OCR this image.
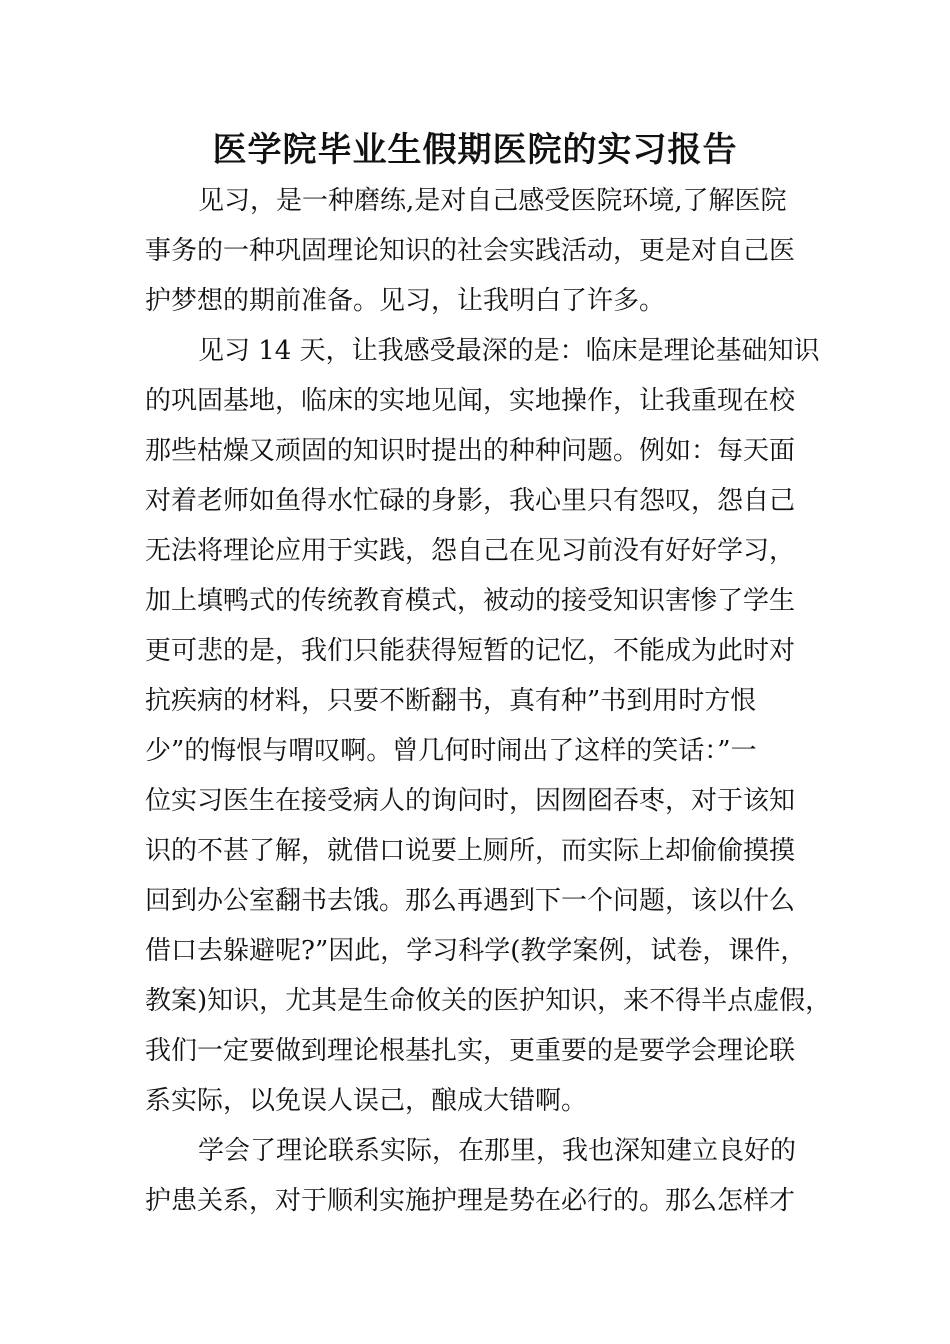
医学院毕业生假期医院的实习报告

见习，是一种磨练,是对自己感受医院环境,了解医院

事务的一种巩固理论知识的社会实践活动，更是对自己医

护梦想的期前准备。见习，让我明白了许多。

见习 14 天，让我感受最深的是：临床是理论基础知识

的巩固基地，临床的实地见闻，实地操作，让我重现在校

那些枯燥又顽固的知识时提出的种种问题。例如：每天面

对着老师如鱼得水忙碌的身影，我心里只有怨叹，怨自己

无法将理论应用于实践，怨自己在见习前没有好好学习，

加上填鸭式的传统教育模式，被动的接受知识害惨了学生

更可悲的是，我们只能获得短暂的记忆，不能成为此时对

抗疾病的材料，只要不断翻书，真有种”书到用时方恨

少”的悔恨与喟叹啊。曾几何时闹出了这样的笑话：”一

位实习医生在接受病人的询问时，因囫囵吞枣，对于该知

识的不甚了解，就借口说要上厕所，而实际上却偷偷摸摸

回到办公室翻书去饿。那么再遇到下一个问题，该以什么

借口去躲避呢?”因此，学习科学(教学案例，试卷，课件，

教案)知识，尤其是生命攸关的医护知识，来不得半点虚假，

我们一定要做到理论根基扎实，更重要的是要学会理论联

系实际，以免误人误己，酿成大错啊。

学会了理论联系实际，在那里，我也深知建立良好的

护患关系，对于顺利实施护理是势在必行的。那么怎样才
